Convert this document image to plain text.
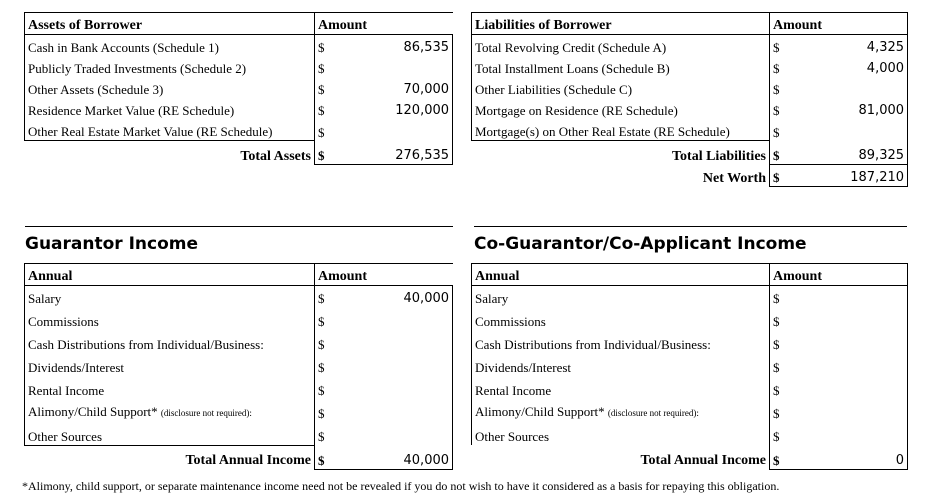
Assets of Borrower	Amount	
Cash in Bank Accounts (Schedule 1)	$	86,535
Publicly Traded Investments (Schedule 2)	$	
Other Assets (Schedule 3)	$	70,000
Residence Market Value (RE Schedule)	$	120,000
Other Real Estate Market Value (RE Schedule)	$	
Total Assets	$	276,535
Liabilities of Borrower	Amount	
Total Revolving Credit (Schedule A)	$	4,325
Total Installment Loans (Schedule B)	$	4,000
Other Liabilities (Schedule C)	$	
Mortgage on Residence (RE Schedule)	$	81,000
Mortgage(s) on Other Real Estate (RE Schedule)	$	
Total Liabilities	$	89,325
Net Worth	$	187,210
Guarantor Income	Co-Guarantor/Co-Applicant Income
Annual	Amount	
Salary	$	40,000
Commissions	$	
Cash Distributions from Individual/Business:	$	
Dividends/Interest	$	
Rental Income	$	
Alimony/Child Support* (disclosure not required):	$	
Other Sources	$	
Total Annual Income	$	40,000
Annual	Amount	
Salary	$	
Commissions	$	
Cash Distributions from Individual/Business:	$	
Dividends/Interest	$	
Rental Income	$	
Alimony/Child Support* (disclosure not required):	$	
Other Sources	$	
Total Annual Income	$	0
*Alimony, child support, or separate maintenance income need not be revealed if you do not wish to have it considered as a basis for repaying this obligation.
